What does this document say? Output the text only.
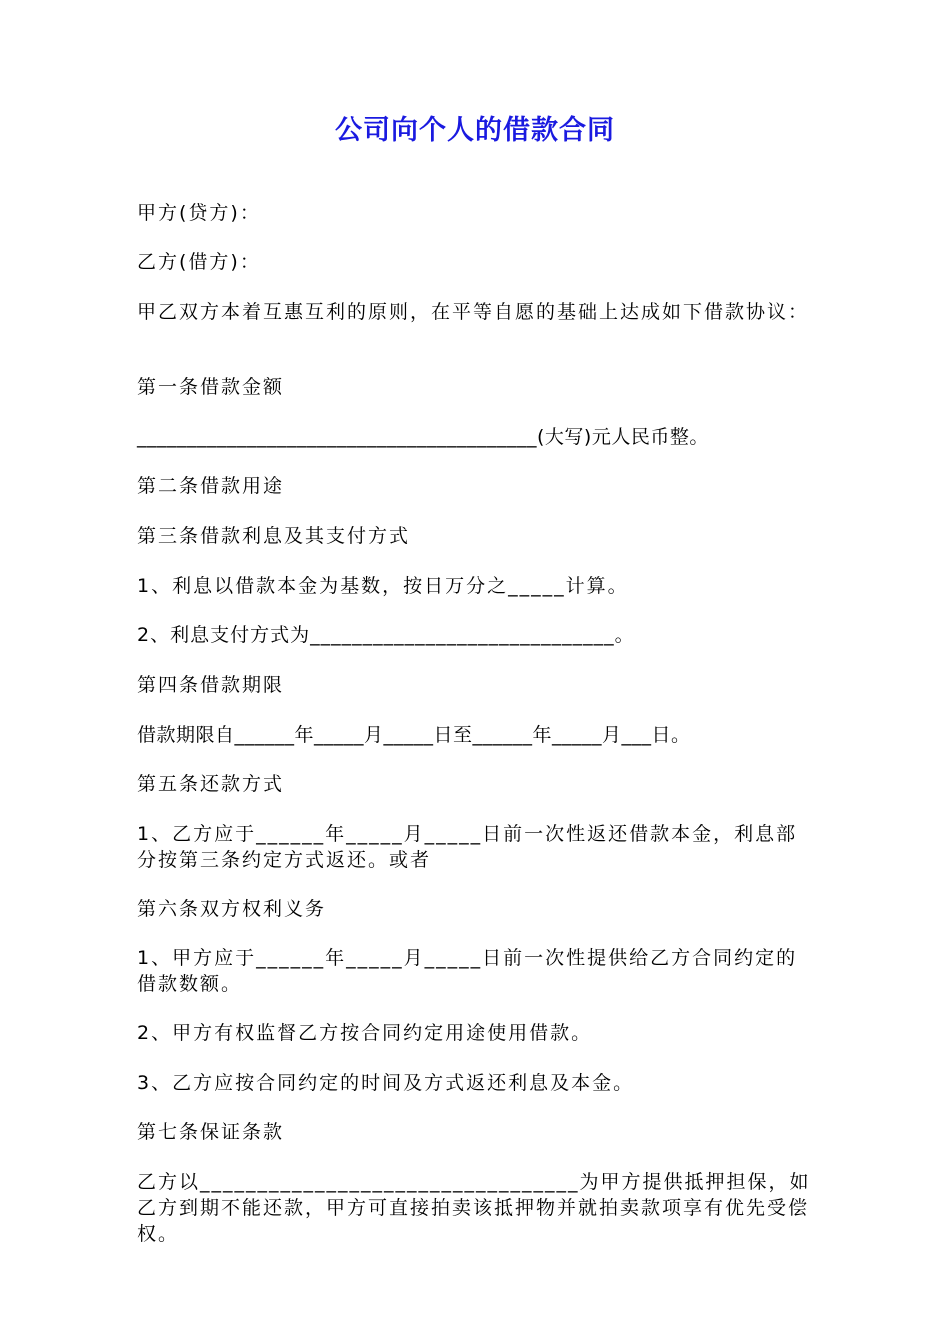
公司向个人的借款合同
甲方(贷方)：
乙方(借方)：
甲乙双方本着互惠互利的原则，在平等自愿的基础上达成如下借款协议：
第一条借款金额
________________________________________(大写)元人民币整。
第二条借款用途
第三条借款利息及其支付方式
1、利息以借款本金为基数，按日万分之_____计算。
2、利息支付方式为_____________________________。
第四条借款期限
借款期限自______年_____月_____日至______年_____月___日。
第五条还款方式
1、乙方应于______年_____月_____日前一次性返还借款本金，利息部分按第三条约定方式返还。或者
第六条双方权利义务
1、甲方应于______年_____月_____日前一次性提供给乙方合同约定的借款数额。
2、甲方有权监督乙方按合同约定用途使用借款。
3、乙方应按合同约定的时间及方式返还利息及本金。
第七条保证条款
乙方以_________________________________为甲方提供抵押担保，如乙方到期不能还款，甲方可直接拍卖该抵押物并就拍卖款项享有优先受偿权。
